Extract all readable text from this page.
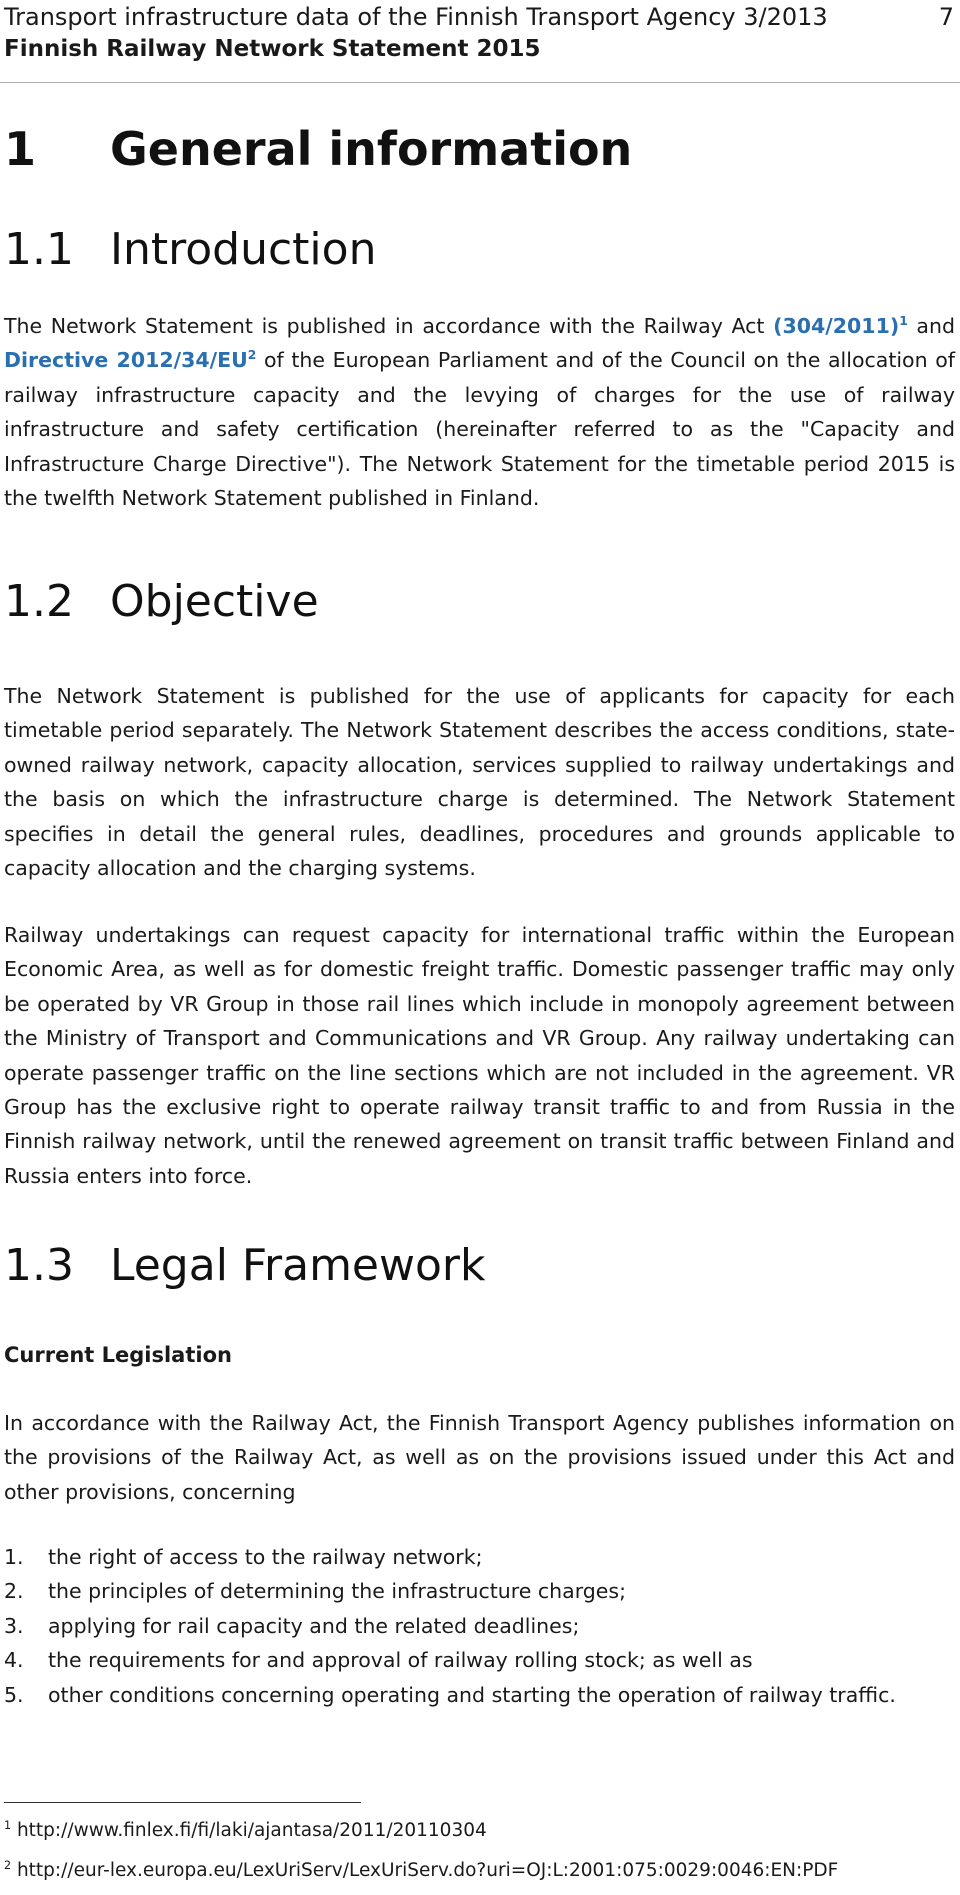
Transport infrastructure data of the Finnish Transport Agency 3/2013	7
Finnish Railway Network Statement 2015
1 General information
1.1 Introduction

The Network Statement is published in accordance with the Railway Act $(304/2011)^1$ and Directive $2012/34/EU^2$ of the European Parliament and of the Council on the allocation of railway infrastructure capacity and the levying of charges for the use of railway infrastructure and safety certification (hereinafter referred to as the "Capacity and Infrastructure Charge Directive"). The Network Statement for the timetable period 2015 is the twelfth Network Statement published in Finland.

1.2 Objective

The Network Statement is published for the use of applicants for capacity for each timetable period separately. The Network Statement describes the access conditions, state-owned railway network, capacity allocation, services supplied to railway undertakings and the basis on which the infrastructure charge is determined. The Network Statement specifies in detail the general rules, deadlines, procedures and grounds applicable to capacity allocation and the charging systems.

Railway undertakings can request capacity for international traffic within the European Economic Area, as well as for domestic freight traffic. Domestic passenger traffic may only be operated by VR Group in those rail lines which include in monopoly agreement between the Ministry of Transport and Communications and VR Group. Any railway undertaking can operate passenger traffic on the line sections which are not included in the agreement. VR Group has the exclusive right to operate railway transit traffic to and from Russia in the Finnish railway network, until the renewed agreement on transit traffic between Finland and Russia enters into force.

1.3 Legal Framework
Current Legislation

In accordance with the Railway Act, the Finnish Transport Agency publishes information on the provisions of the Railway Act, as well as on the provisions issued under this Act and other provisions, concerning

1. the right of access to the railway network;
2. the principles of determining the infrastructure charges;
3. applying for rail capacity and the related deadlines;
4. the requirements for and approval of railway rolling stock; as well as
5. other conditions concerning operating and starting the operation of railway traffic.
$^1$ http://www.finlex.fi/fi/laki/ajantasa/2011/20110304
$^2$ http://eur-lex.europa.eu/LexUriServ/LexUriServ.do?uri=OJ:L:2001:075:0029:0046:EN:PDF
